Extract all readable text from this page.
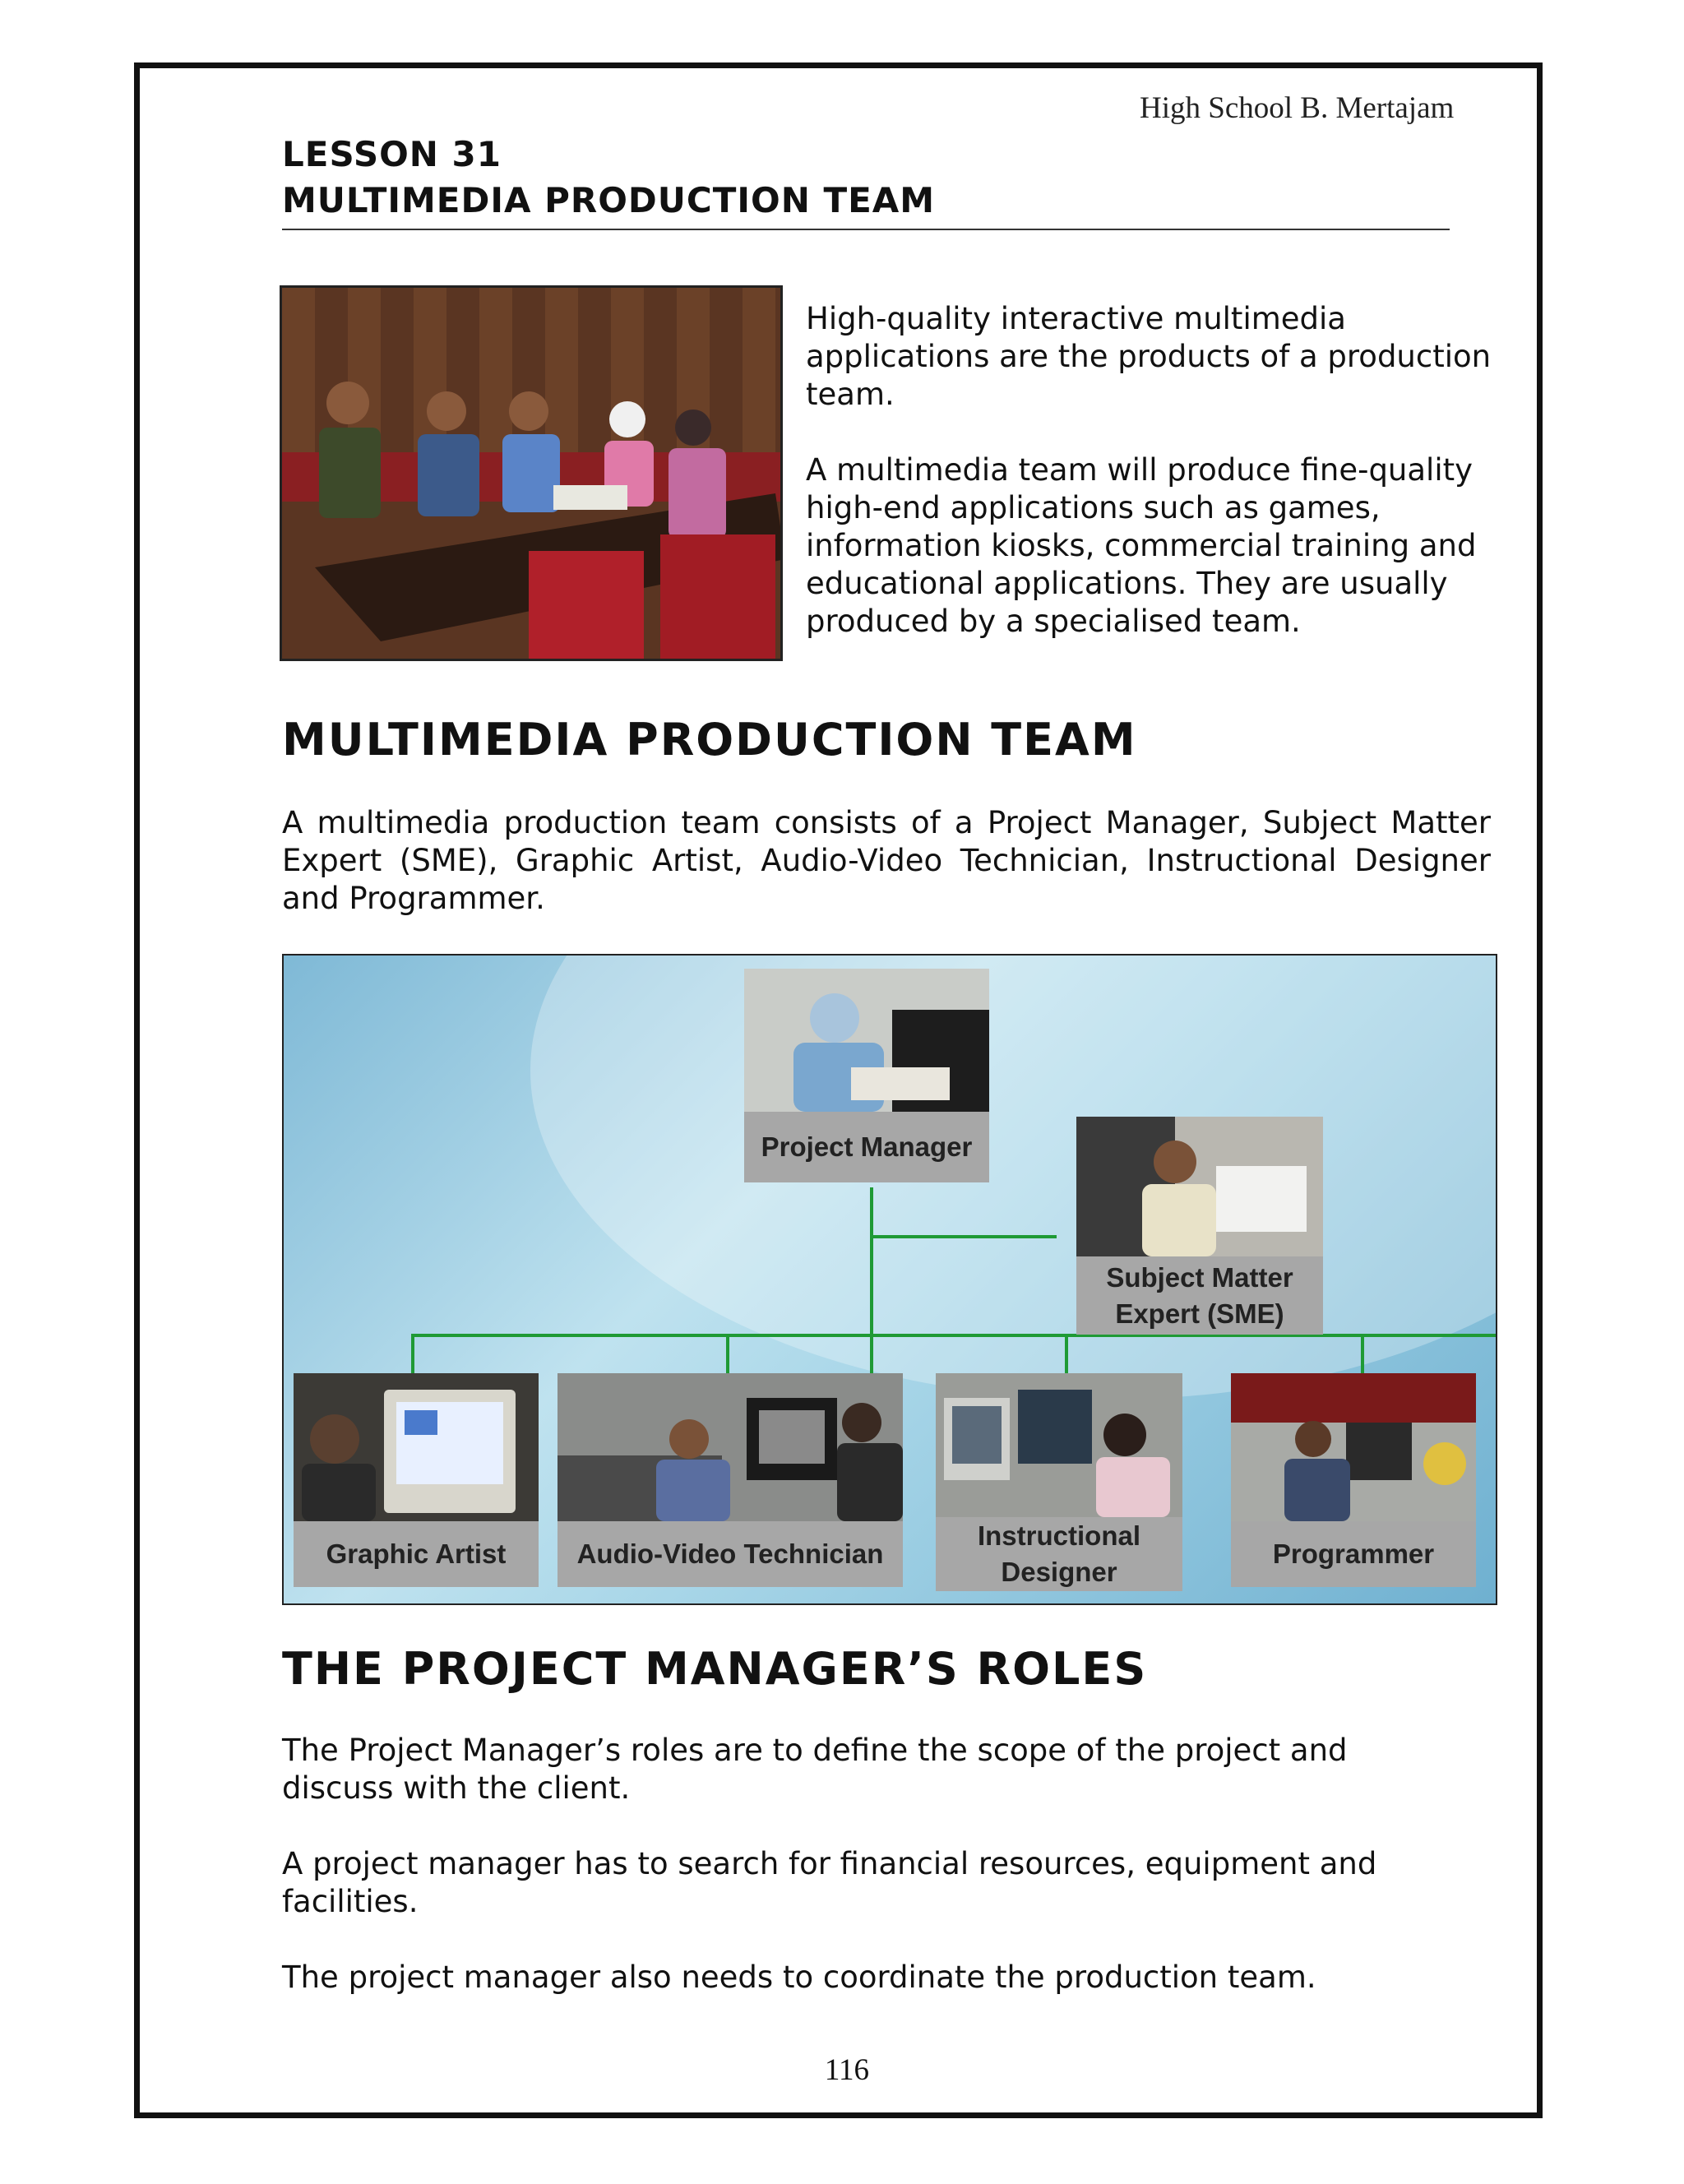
High School B. Mertajam
LESSON 31
MULTIMEDIA PRODUCTION TEAM

High-quality interactive multimedia applications are the products of a production team.

A multimedia team will produce fine-quality high-end applications such as games, information kiosks, commercial training and educational applications. They are usually produced by a specialised team.

MULTIMEDIA PRODUCTION TEAM
A multimedia production team consists of a Project Manager, Subject Matter Expert (SME), Graphic Artist, Audio-Video Technician, Instructional Designer and Programmer.
Project Manager
Subject Matter
Expert (SME)
Graphic Artist	Audio-Video Technician
Instructional
Designer
Programmer
THE PROJECT MANAGER’S ROLES
The Project Manager’s roles are to define the scope of the project and discuss with the client.
A project manager has to search for financial resources, equipment and facilities.
The project manager also needs to coordinate the production team.
116
